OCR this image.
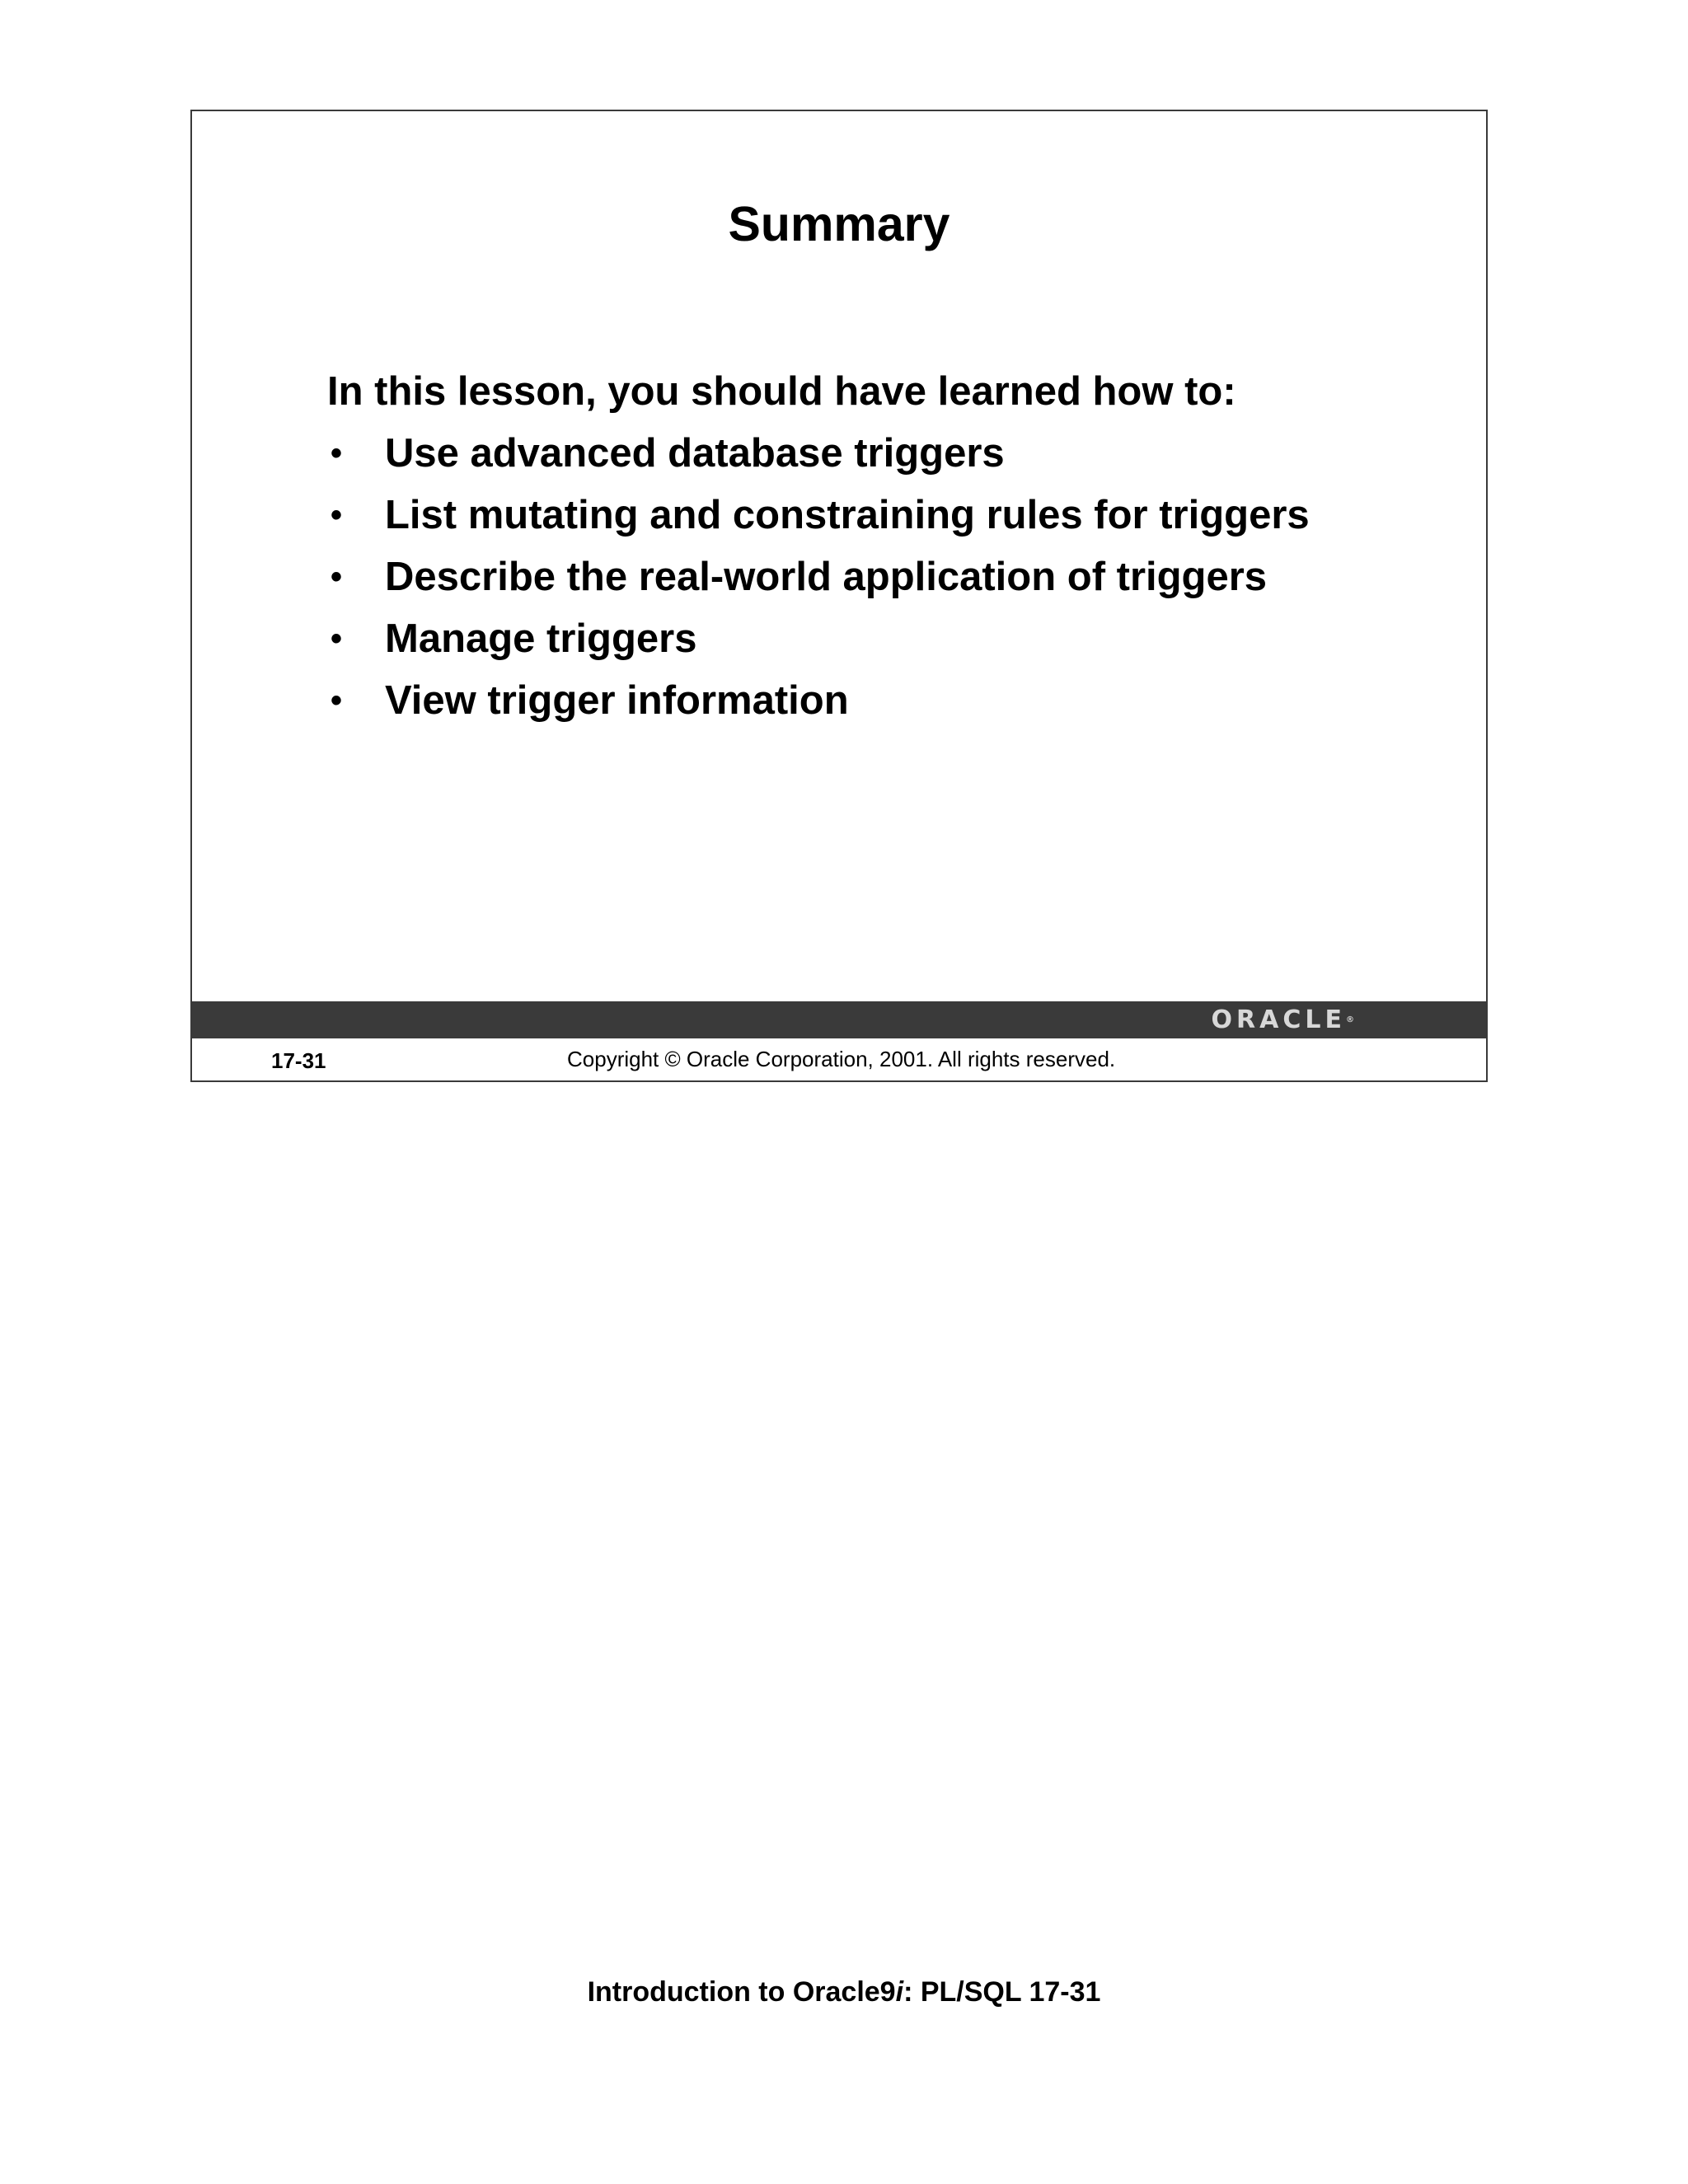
Summary
In this lesson, you should have learned how to:
• Use advanced database triggers
• List mutating and constraining rules for triggers
• Describe the real-world application of triggers
• Manage triggers
• View trigger information
ORACLE®
17-31	Copyright © Oracle Corporation, 2001. All rights reserved.
Introduction to Oracle9i: PL/SQL 17-31
